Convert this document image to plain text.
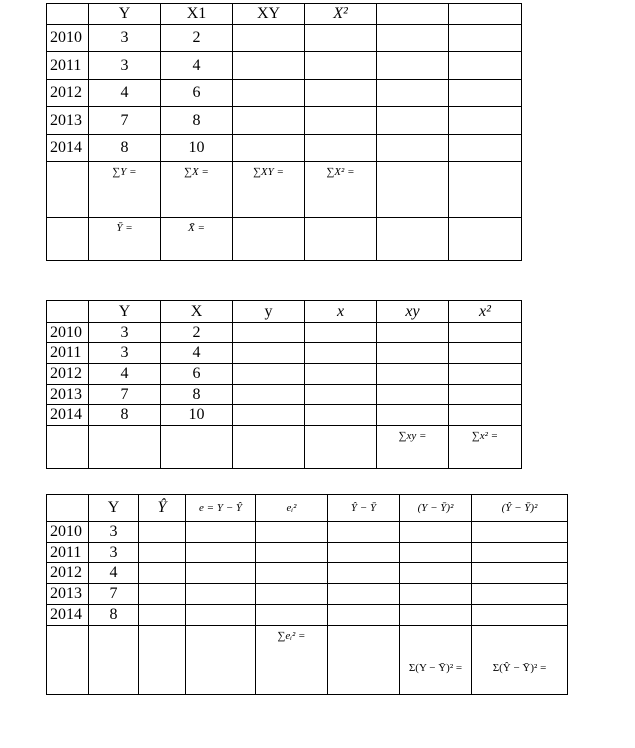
	Y	X1	XY	X²		
2010	3	2				
2011	3	4				
2012	4	6				
2013	7	8				
2014	8	10				
	∑Y =	∑X =	∑XY =	∑X² =		
	Ȳ =	X̄ =				
	Y	X	y	x	xy	x²
2010	3	2				
2011	3	4				
2012	4	6				
2013	7	8				
2014	8	10				
					∑xy =	∑x² =
	Y	Ŷ	e = Y − Ŷ	eᵢ²	Ŷ − Ȳ	(Y − Ȳ)²	(Ŷ − Ȳ)²
2010	3						
2011	3						
2012	4						
2013	7						
2014	8						
				∑eᵢ² =		Σ(Y − Ȳ)² =	Σ(Ŷ − Ȳ)² =
